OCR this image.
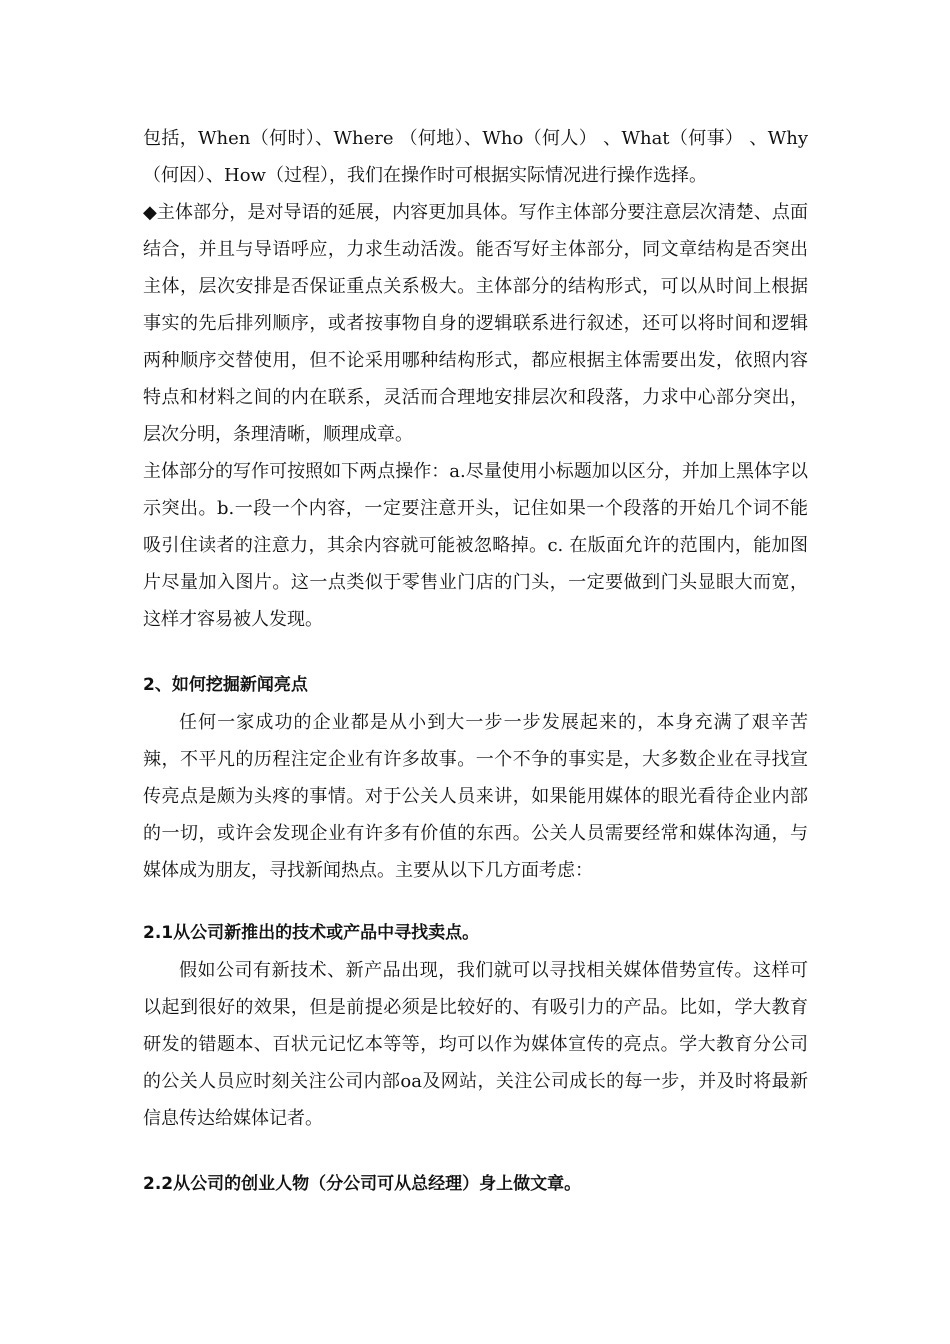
包括，When（何时）、Where （何地）、Who（何人） 、What（何事） 、Why（何因）、How（过程），我们在操作时可根据实际情况进行操作选择。

◆主体部分，是对导语的延展，内容更加具体。写作主体部分要注意层次清楚、点面结合，并且与导语呼应，力求生动活泼。能否写好主体部分，同文章结构是否突出主体，层次安排是否保证重点关系极大。主体部分的结构形式，可以从时间上根据事实的先后排列顺序，或者按事物自身的逻辑联系进行叙述，还可以将时间和逻辑两种顺序交替使用，但不论采用哪种结构形式，都应根据主体需要出发，依照内容特点和材料之间的内在联系，灵活而合理地安排层次和段落，力求中心部分突出，层次分明，条理清晰，顺理成章。

主体部分的写作可按照如下两点操作：a.尽量使用小标题加以区分，并加上黑体字以示突出。b.一段一个内容，一定要注意开头，记住如果一个段落的开始几个词不能吸引住读者的注意力，其余内容就可能被忽略掉。c. 在版面允许的范围内，能加图片尽量加入图片。这一点类似于零售业门店的门头，一定要做到门头显眼大而宽，这样才容易被人发现。

2、如何挖掘新闻亮点

任何一家成功的企业都是从小到大一步一步发展起来的，本身充满了艰辛苦辣，不平凡的历程注定企业有许多故事。一个不争的事实是，大多数企业在寻找宣传亮点是颇为头疼的事情。对于公关人员来讲，如果能用媒体的眼光看待企业内部的一切，或许会发现企业有许多有价值的东西。公关人员需要经常和媒体沟通，与媒体成为朋友，寻找新闻热点。主要从以下几方面考虑：

2.1从公司新推出的技术或产品中寻找卖点。

假如公司有新技术、新产品出现，我们就可以寻找相关媒体借势宣传。这样可以起到很好的效果，但是前提必须是比较好的、有吸引力的产品。比如，学大教育研发的错题本、百状元记忆本等等，均可以作为媒体宣传的亮点。学大教育分公司的公关人员应时刻关注公司内部oa及网站，关注公司成长的每一步，并及时将最新信息传达给媒体记者。

2.2从公司的创业人物（分公司可从总经理）身上做文章。
